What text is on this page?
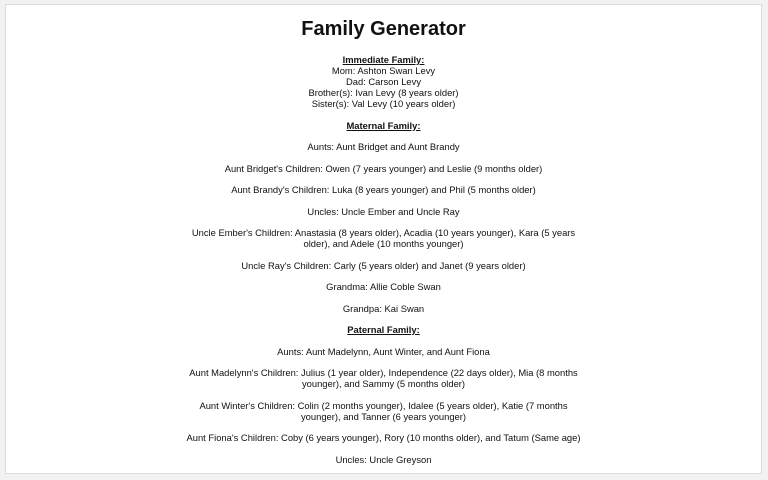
Family Generator
Immediate Family:
Mom: Ashton Swan Levy
Dad: Carson Levy
Brother(s): Ivan Levy (8 years older)
Sister(s): Val Levy (10 years older)
Maternal Family:
Aunts: Aunt Bridget and Aunt Brandy
Aunt Bridget's Children: Owen (7 years younger) and Leslie (9 months older)
Aunt Brandy's Children: Luka (8 years younger) and Phil (5 months older)
Uncles: Uncle Ember and Uncle Ray
Uncle Ember's Children: Anastasia (8 years older), Acadia (10 years younger), Kara (5 years older), and Adele (10 months younger)
Uncle Ray's Children: Carly (5 years older) and Janet (9 years older)
Grandma: Allie Coble Swan
Grandpa: Kai Swan
Paternal Family:
Aunts: Aunt Madelynn, Aunt Winter, and Aunt Fiona
Aunt Madelynn's Children: Julius (1 year older), Independence (22 days older), Mia (8 months younger), and Sammy (5 months older)
Aunt Winter's Children: Colin (2 months younger), Idalee (5 years older), Katie (7 months younger), and Tanner (6 years younger)
Aunt Fiona's Children: Coby (6 years younger), Rory (10 months older), and Tatum (Same age)
Uncles: Uncle Greyson
